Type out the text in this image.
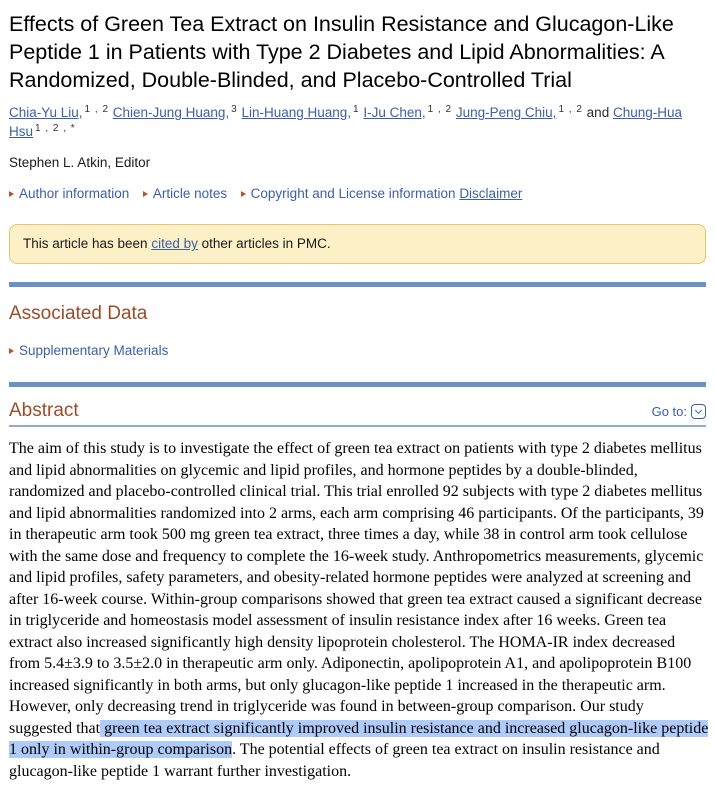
Effects of Green Tea Extract on Insulin Resistance and Glucagon-Like Peptide 1 in Patients with Type 2 Diabetes and Lipid Abnormalities: A Randomized, Double-Blinded, and Placebo-Controlled Trial

Chia-Yu Liu, $^{1 , 2}$ Chien-Jung Huang, $^3$ Lin-Huang Huang, $^1$ I-Ju Chen, $^{1 , 2}$ Jung-Peng Chiu, $^{1 , 2}$ and Chung-Hua Hsu $^{1 , 2 , *}$

Stephen L. Atkin, Editor

Author information Article notes Copyright and License information Disclaimer

This article has been cited by other articles in PMC.
Associated Data

Supplementary Materials

Abstract	Go to:

The aim of this study is to investigate the effect of green tea extract on patients with type 2 diabetes mellitus and lipid abnormalities on glycemic and lipid profiles, and hormone peptides by a double-blinded, randomized and placebo-controlled clinical trial. This trial enrolled 92 subjects with type 2 diabetes mellitus and lipid abnormalities randomized into 2 arms, each arm comprising 46 participants. Of the participants, 39 in therapeutic arm took 500 mg green tea extract, three times a day, while 38 in control arm took cellulose with the same dose and frequency to complete the 16-week study. Anthropometrics measurements, glycemic and lipid profiles, safety parameters, and obesity-related hormone peptides were analyzed at screening and after 16-week course. Within-group comparisons showed that green tea extract caused a significant decrease in triglyceride and homeostasis model assessment of insulin resistance index after 16 weeks. Green tea extract also increased significantly high density lipoprotein cholesterol. The HOMA-IR index decreased from 5.4±3.9 to 3.5±2.0 in therapeutic arm only. Adiponectin, apolipoprotein A1, and apolipoprotein B100 increased significantly in both arms, but only glucagon-like peptide 1 increased in the therapeutic arm. However, only decreasing trend in triglyceride was found in between-group comparison. Our study suggested that green tea extract significantly improved insulin resistance and increased glucagon-like peptide 1 only in within-group comparison. The potential effects of green tea extract on insulin resistance and glucagon-like peptide 1 warrant further investigation.
